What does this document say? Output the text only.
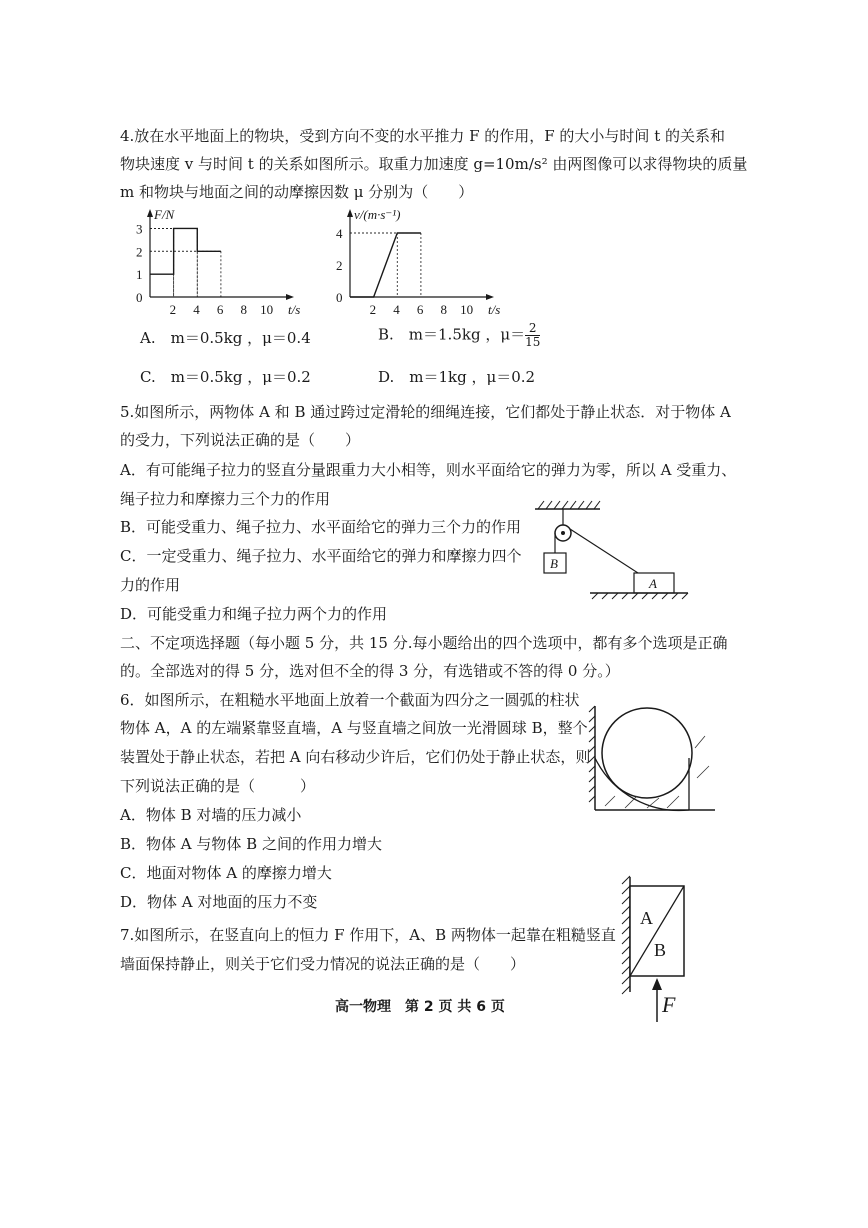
4.放在水平地面上的物块，受到方向不变的水平推力 F 的作用，F 的大小与时间 t 的关系和
物块速度 v 与时间 t 的关系如图所示。取重力加速度 g=10m/s² 由两图像可以求得物块的质量
m 和物块与地面之间的动摩擦因数 μ 分别为（　　）
F/N
t/s
2 4 6 8 10
0
1
2
3
v/(m·s⁻¹)
t/s
2 4 6 8 10
0
2
4
A.　m＝0.5kg ，μ＝0.4	B.　m＝1.5kg ，$\mu= \frac{2}{15}$
C.　m＝0.5kg ，μ＝0.2	D.　m＝1kg ，μ＝0.2
5.如图所示，两物体 A 和 B 通过跨过定滑轮的细绳连接，它们都处于静止状态．对于物体 A
的受力，下列说法正确的是（　　）
A．有可能绳子拉力的竖直分量跟重力大小相等，则水平面给它的弹力为零，所以 A 受重力、
绳子拉力和摩擦力三个力的作用
B．可能受重力、绳子拉力、水平面给它的弹力三个力的作用
C．一定受重力、绳子拉力、水平面给它的弹力和摩擦力四个
力的作用
D．可能受重力和绳子拉力两个力的作用
B
A
二、不定项选择题（每小题 5 分，共 15 分.每小题给出的四个选项中，都有多个选项是正确
的。全部选对的得 5 分，选对但不全的得 3 分，有选错或不答的得 0 分。）
6．如图所示，在粗糙水平地面上放着一个截面为四分之一圆弧的柱状
物体 A，A 的左端紧靠竖直墙，A 与竖直墙之间放一光滑圆球 B，整个
装置处于静止状态，若把 A 向右移动少许后，它们仍处于静止状态，则
下列说法正确的是（　　　）
A．物体 B 对墙的压力减小
B．物体 A 与物体 B 之间的作用力增大
C．地面对物体 A 的摩擦力增大
D．物体 A 对地面的压力不变
7.如图所示，在竖直向上的恒力 F 作用下，A、B 两物体一起靠在粗糙竖直
墙面保持静止，则关于它们受力情况的说法正确的是（　　）
A
B
F
高一物理　第 2 页 共 6 页
